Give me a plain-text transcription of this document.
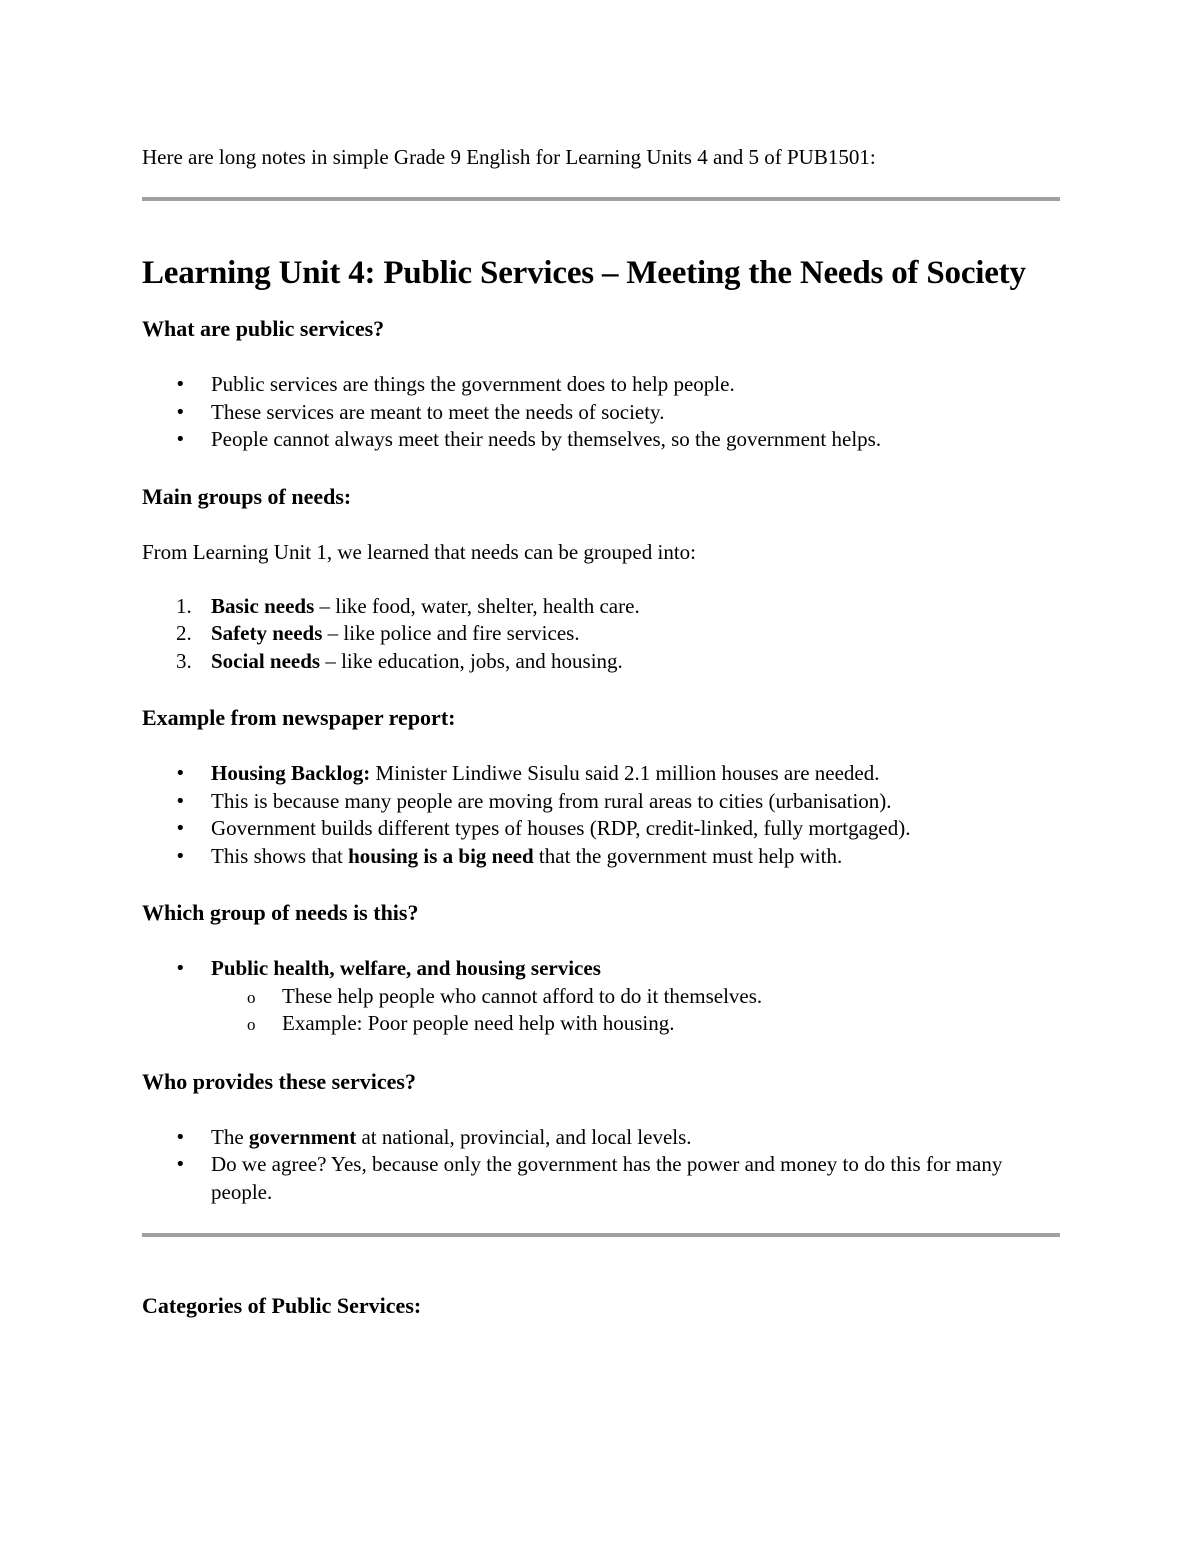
Here are long notes in simple Grade 9 English for Learning Units 4 and 5 of PUB1501:

Learning Unit 4: Public Services – Meeting the Needs of Society
What are public services?
• Public services are things the government does to help people.
• These services are meant to meet the needs of society.
• People cannot always meet their needs by themselves, so the government helps.
Main groups of needs:

From Learning Unit 1, we learned that needs can be grouped into:

1. Basic needs – like food, water, shelter, health care.
2. Safety needs – like police and fire services.
3. Social needs – like education, jobs, and housing.
Example from newspaper report:
• Housing Backlog: Minister Lindiwe Sisulu said 2.1 million houses are needed.
• This is because many people are moving from rural areas to cities (urbanisation).
• Government builds different types of houses (RDP, credit-linked, fully mortgaged).
• This shows that housing is a big need that the government must help with.
Which group of needs is this?
• Public health, welfare, and housing services
o These help people who cannot afford to do it themselves.
o Example: Poor people need help with housing.
Who provides these services?
• The government at national, provincial, and local levels.
• Do we agree? Yes, because only the government has the power and money to do this for many people.
Categories of Public Services:
